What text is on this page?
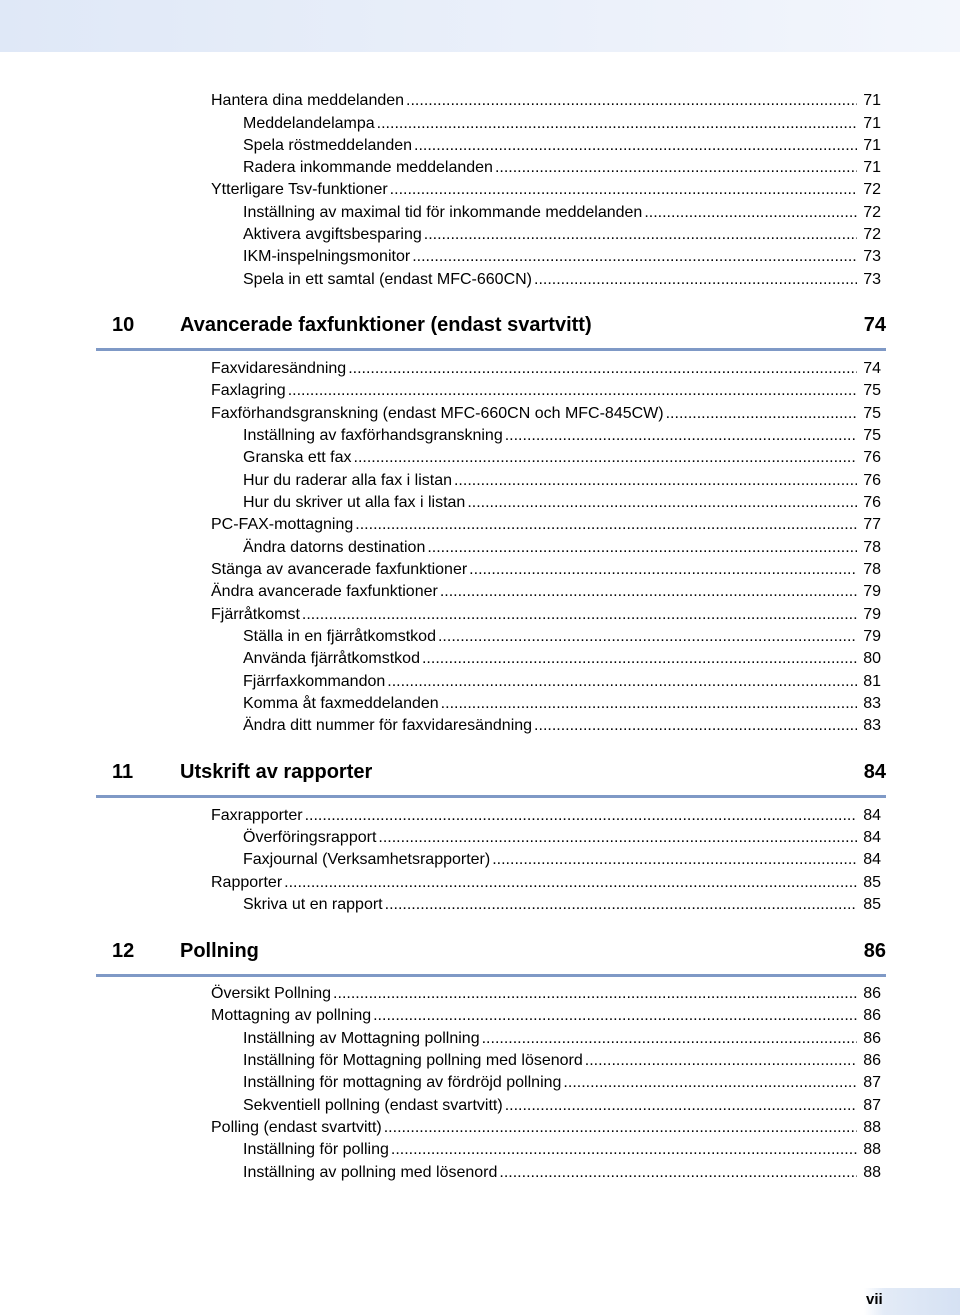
Hantera dina meddelanden .....	71
Meddelandelampa .....	71
Spela röstmeddelanden .....	71
Radera inkommande meddelanden .....	71
Ytterligare Tsv-funktioner .....	72
Inställning av maximal tid för inkommande meddelanden .....	72
Aktivera avgiftsbesparing .....	72
IKM-inspelningsmonitor .....	73
Spela in ett samtal (endast MFC-660CN) .....	73
10 Avancerade faxfunktioner (endast svartvitt)	74
Faxvidaresändning .....	74
Faxlagring .....	75
Faxförhandsgranskning (endast MFC-660CN och MFC-845CW) .....	75
Inställning av faxförhandsgranskning .....	75
Granska ett fax .....	76
Hur du raderar alla fax i listan .....	76
Hur du skriver ut alla fax i listan .....	76
PC-FAX-mottagning .....	77
Ändra datorns destination .....	78
Stänga av avancerade faxfunktioner .....	78
Ändra avancerade faxfunktioner .....	79
Fjärråtkomst .....	79
Ställa in en fjärråtkomstkod .....	79
Använda fjärråtkomstkod .....	80
Fjärrfaxkommandon .....	81
Komma åt faxmeddelanden .....	83
Ändra ditt nummer för faxvidaresändning .....	83
11 Utskrift av rapporter	84
Faxrapporter .....	84
Överföringsrapport .....	84
Faxjournal (Verksamhetsrapporter) .....	84
Rapporter .....	85
Skriva ut en rapport .....	85
12 Pollning	86
Översikt Pollning .....	86
Mottagning av pollning .....	86
Inställning av Mottagning pollning .....	86
Inställning för Mottagning pollning med lösenord .....	86
Inställning för mottagning av fördröjd pollning .....	87
Sekventiell pollning (endast svartvitt) .....	87
Polling (endast svartvitt) .....	88
Inställning för polling .....	88
Inställning av pollning med lösenord .....	88
vii
